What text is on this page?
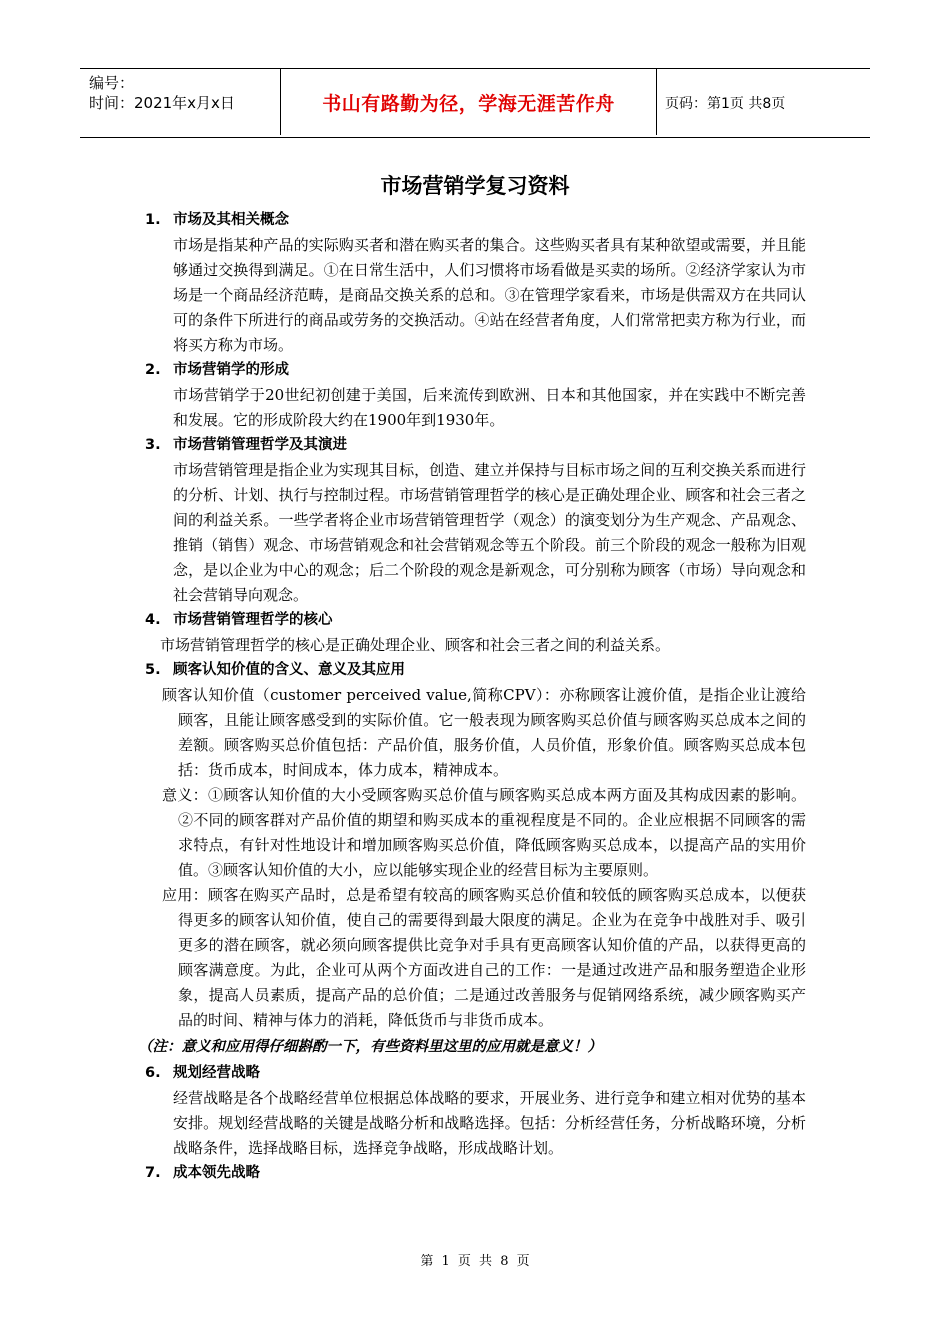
编号：
时间：2021年x月x日	书山有路勤为径，学海无涯苦作舟	页码：第1页 共8页
市场营销学复习资料
1. 市场及其相关概念

市场是指某种产品的实际购买者和潜在购买者的集合。这些购买者具有某种欲望或需要，并且能够通过交换得到满足。①在日常生活中，人们习惯将市场看做是买卖的场所。②经济学家认为市场是一个商品经济范畴，是商品交换关系的总和。③在管理学家看来，市场是供需双方在共同认可的条件下所进行的商品或劳务的交换活动。④站在经营者角度，人们常常把卖方称为行业，而将买方称为市场。

2. 市场营销学的形成

市场营销学于20世纪初创建于美国，后来流传到欧洲、日本和其他国家，并在实践中不断完善和发展。它的形成阶段大约在1900年到1930年。

3. 市场营销管理哲学及其演进

市场营销管理是指企业为实现其目标，创造、建立并保持与目标市场之间的互利交换关系而进行的分析、计划、执行与控制过程。市场营销管理哲学的核心是正确处理企业、顾客和社会三者之间的利益关系。一些学者将企业市场营销管理哲学（观念）的演变划分为生产观念、产品观念、推销（销售）观念、市场营销观念和社会营销观念等五个阶段。前三个阶段的观念一般称为旧观念，是以企业为中心的观念；后二个阶段的观念是新观念，可分别称为顾客（市场）导向观念和社会营销导向观念。

4. 市场营销管理哲学的核心

市场营销管理哲学的核心是正确处理企业、顾客和社会三者之间的利益关系。

5. 顾客认知价值的含义、意义及其应用

顾客认知价值（customer perceived value,简称CPV）：亦称顾客让渡价值，是指企业让渡给顾客，且能让顾客感受到的实际价值。它一般表现为顾客购买总价值与顾客购买总成本之间的差额。顾客购买总价值包括：产品价值，服务价值，人员价值，形象价值。顾客购买总成本包括：货币成本，时间成本，体力成本，精神成本。

意义：①顾客认知价值的大小受顾客购买总价值与顾客购买总成本两方面及其构成因素的影响。②不同的顾客群对产品价值的期望和购买成本的重视程度是不同的。企业应根据不同顾客的需求特点，有针对性地设计和增加顾客购买总价值，降低顾客购买总成本，以提高产品的实用价值。③顾客认知价值的大小，应以能够实现企业的经营目标为主要原则。

应用：顾客在购买产品时，总是希望有较高的顾客购买总价值和较低的顾客购买总成本，以便获得更多的顾客认知价值，使自己的需要得到最大限度的满足。企业为在竞争中战胜对手、吸引更多的潜在顾客，就必须向顾客提供比竞争对手具有更高顾客认知价值的产品，以获得更高的顾客满意度。为此，企业可从两个方面改进自己的工作：一是通过改进产品和服务塑造企业形象，提高人员素质，提高产品的总价值；二是通过改善服务与促销网络系统，减少顾客购买产品的时间、精神与体力的消耗，降低货币与非货币成本。

（注：意义和应用得仔细斟酌一下，有些资料里这里的应用就是意义！）
6. 规划经营战略

经营战略是各个战略经营单位根据总体战略的要求，开展业务、进行竞争和建立相对优势的基本安排。规划经营战略的关键是战略分析和战略选择。包括：分析经营任务，分析战略环境，分析战略条件，选择战略目标，选择竞争战略，形成战略计划。

7. 成本领先战略
第 1 页 共 8 页
